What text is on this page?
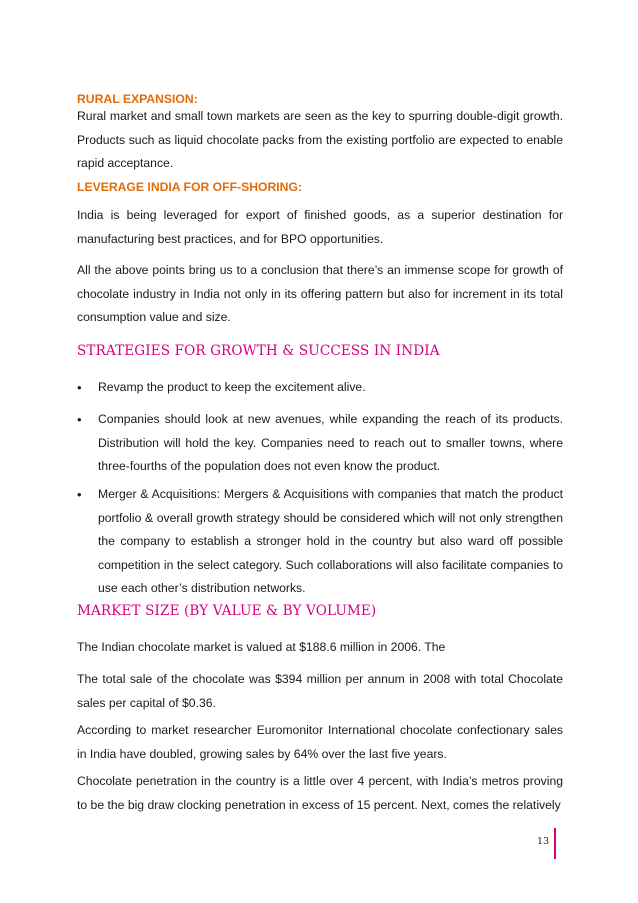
RURAL EXPANSION:

Rural market and small town markets are seen as the key to spurring double-digit growth. Products such as liquid chocolate packs from the existing portfolio are expected to enable rapid acceptance.

LEVERAGE INDIA FOR OFF-SHORING:

India is being leveraged for export of finished goods, as a superior destination for manufacturing best practices, and for BPO opportunities.

All the above points bring us to a conclusion that there’s an immense scope for growth of chocolate industry in India not only in its offering pattern but also for increment in its total consumption value and size.

STRATEGIES FOR GROWTH & SUCCESS IN INDIA
• Revamp the product to keep the excitement alive.
• Companies should look at new avenues, while expanding the reach of its products. Distribution will hold the key. Companies need to reach out to smaller towns, where three-fourths of the population does not even know the product.
• Merger & Acquisitions: Mergers & Acquisitions with companies that match the product portfolio & overall growth strategy should be considered which will not only strengthen the company to establish a stronger hold in the country but also ward off possible competition in the select category. Such collaborations will also facilitate companies to use each other’s distribution networks.
MARKET SIZE (BY VALUE & BY VOLUME)

The Indian chocolate market is valued at $188.6 million in 2006. The

The total sale of the chocolate was $394 million per annum in 2008 with total Chocolate sales per capital of $0.36.

According to market researcher Euromonitor International chocolate confectionary sales in India have doubled, growing sales by 64% over the last five years.

Chocolate penetration in the country is a little over 4 percent, with India’s metros proving to be the big draw clocking penetration in excess of 15 percent. Next, comes the relatively

13
